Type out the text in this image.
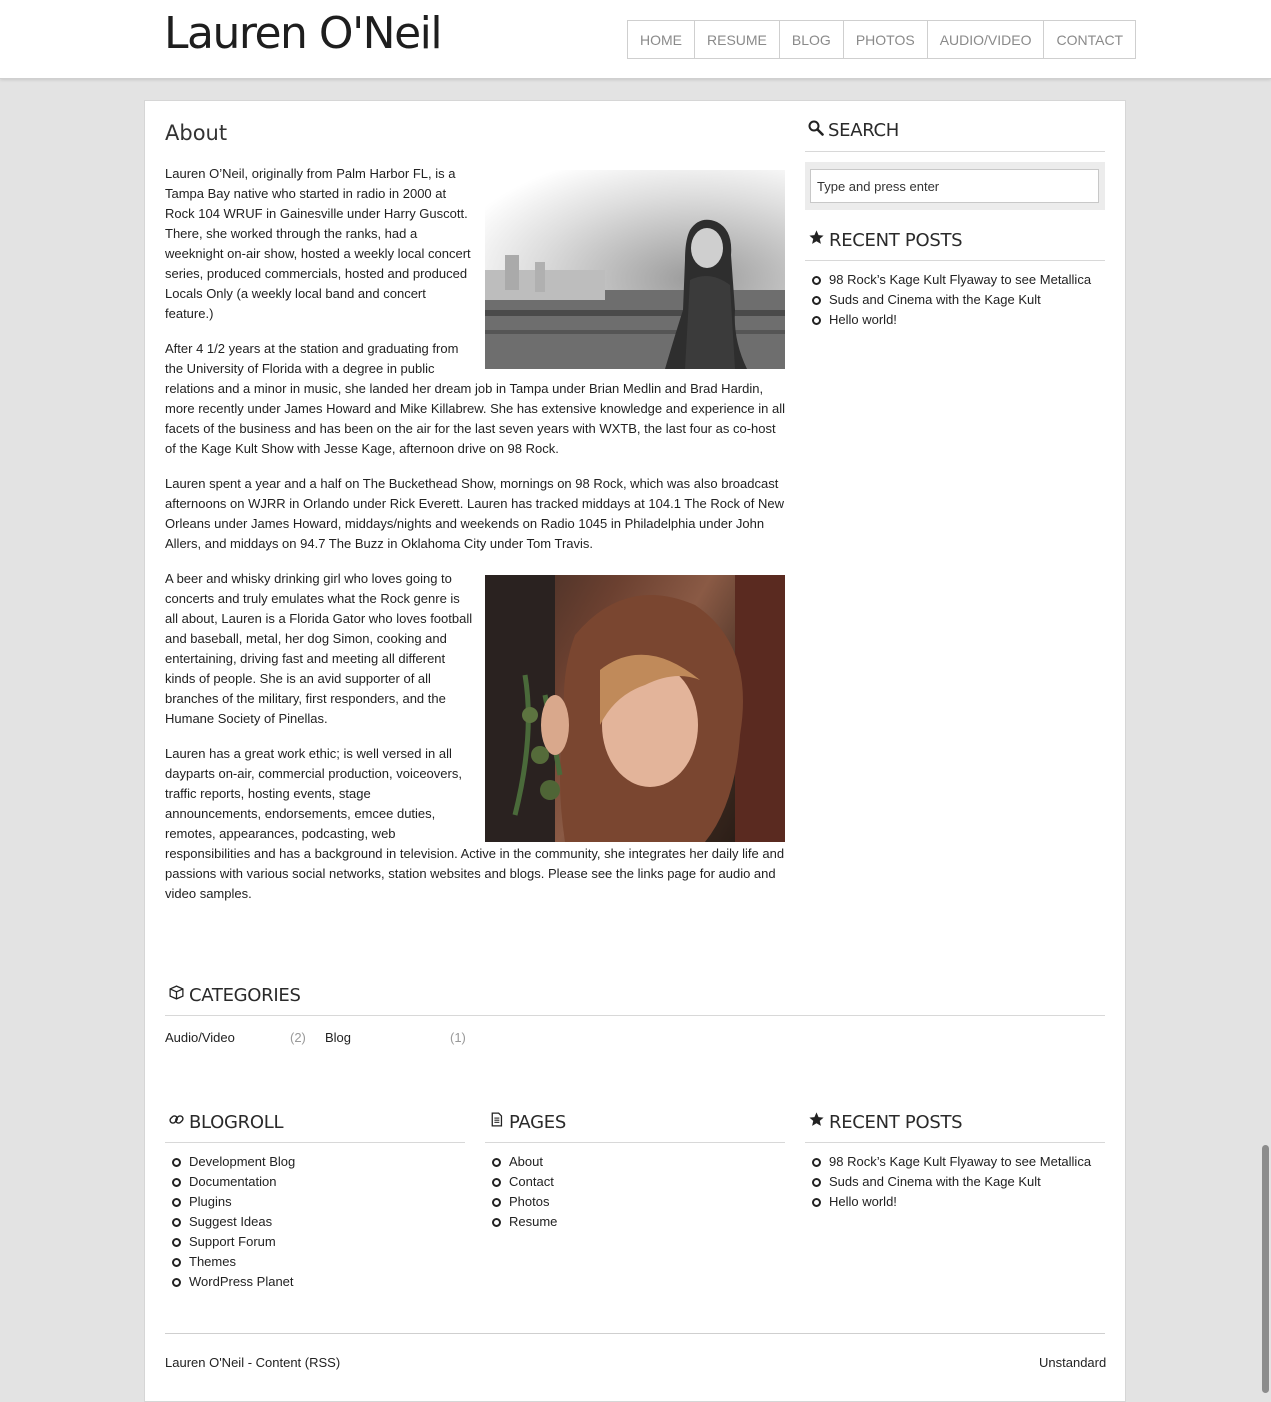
Lauren O'Neil	HOME	RESUME	BLOG	PHOTOS	AUDIO/VIDEO	CONTACT
About

Lauren O’Neil, originally from Palm Harbor FL, is a Tampa Bay native who started in radio in 2000 at Rock 104 WRUF in Gainesville under Harry Guscott. There, she worked through the ranks, had a weeknight on-air show, hosted a weekly local concert series, produced commercials, hosted and produced Locals Only (a weekly local band and concert feature.)

After 4 1/2 years at the station and graduating from the University of Florida with a degree in public relations and a minor in music, she landed her dream job in Tampa under Brian Medlin and Brad Hardin, more recently under James Howard and Mike Killabrew. She has extensive knowledge and experience in all facets of the business and has been on the air for the last seven years with WXTB, the last four as co-host of the Kage Kult Show with Jesse Kage, afternoon drive on 98 Rock.

Lauren spent a year and a half on The Buckethead Show, mornings on 98 Rock, which was also broadcast afternoons on WJRR in Orlando under Rick Everett. Lauren has tracked middays at 104.1 The Rock of New Orleans under James Howard, middays/nights and weekends on Radio 1045 in Philadelphia under John Allers, and middays on 94.7 The Buzz in Oklahoma City under Tom Travis.

A beer and whisky drinking girl who loves going to concerts and truly emulates what the Rock genre is all about, Lauren is a Florida Gator who loves football and baseball, metal, her dog Simon, cooking and entertaining, driving fast and meeting all different kinds of people. She is an avid supporter of all branches of the military, first responders, and the Humane Society of Pinellas.

Lauren has a great work ethic; is well versed in all dayparts on-air, commercial production, voiceovers, traffic reports, hosting events, stage announcements, endorsements, emcee duties, remotes, appearances, podcasting, web responsibilities and has a background in television. Active in the community, she integrates her daily life and passions with various social networks, station websites and blogs. Please see the links page for audio and video samples.

SEARCH
Type and press enter
RECENT POSTS
98 Rock’s Kage Kult Flyaway to see Metallica
Suds and Cinema with the Kage Kult
Hello world!
CATEGORIES
Audio/Video	(2) Blog	(1)
BLOGROLL
Development Blog
Documentation
Plugins
Suggest Ideas
Support Forum
Themes
WordPress Planet
PAGES
About
Contact
Photos
Resume
RECENT POSTS
98 Rock’s Kage Kult Flyaway to see Metallica
Suds and Cinema with the Kage Kult
Hello world!
Lauren O'Neil - Content (RSS)	Unstandard
